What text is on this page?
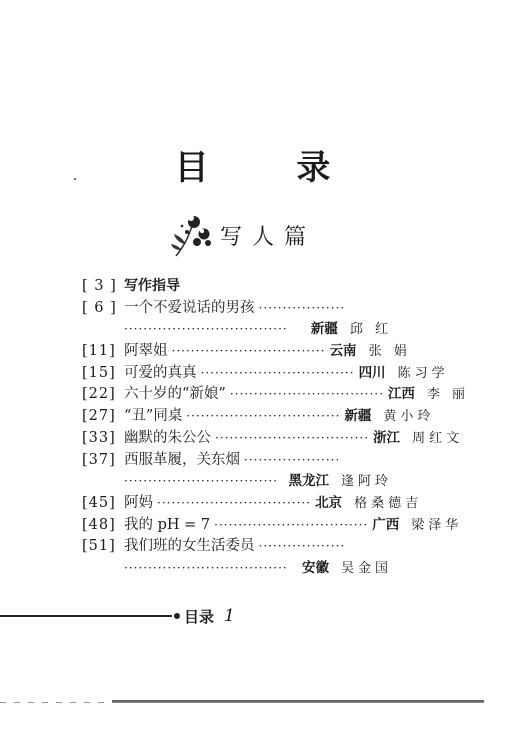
目 录
写人篇
[ 3 ] 写作指导
[ 6 ] 一个不爱说话的男孩 ··················
··································	新疆 邱 红
[11] 阿翠姐 ································ 云南 张 娟
[15] 可爱的真真 ································ 四川 陈习学
[22] 六十岁的“新娘” ································ 江西 李 丽
[27] “丑”同桌 ································ 新疆 黄小玲
[33] 幽默的朱公公 ································ 浙江 周红文
[37] 西服革履，关东烟 ····················
································ 黑龙江 逢阿玲
[45] 阿妈 ································ 北京 格桑德吉
[48] 我的 pH = 7 ································ 广西 梁泽华
[51] 我们班的女生活委员 ··················
··································	安徽 吴金国
目录 1
